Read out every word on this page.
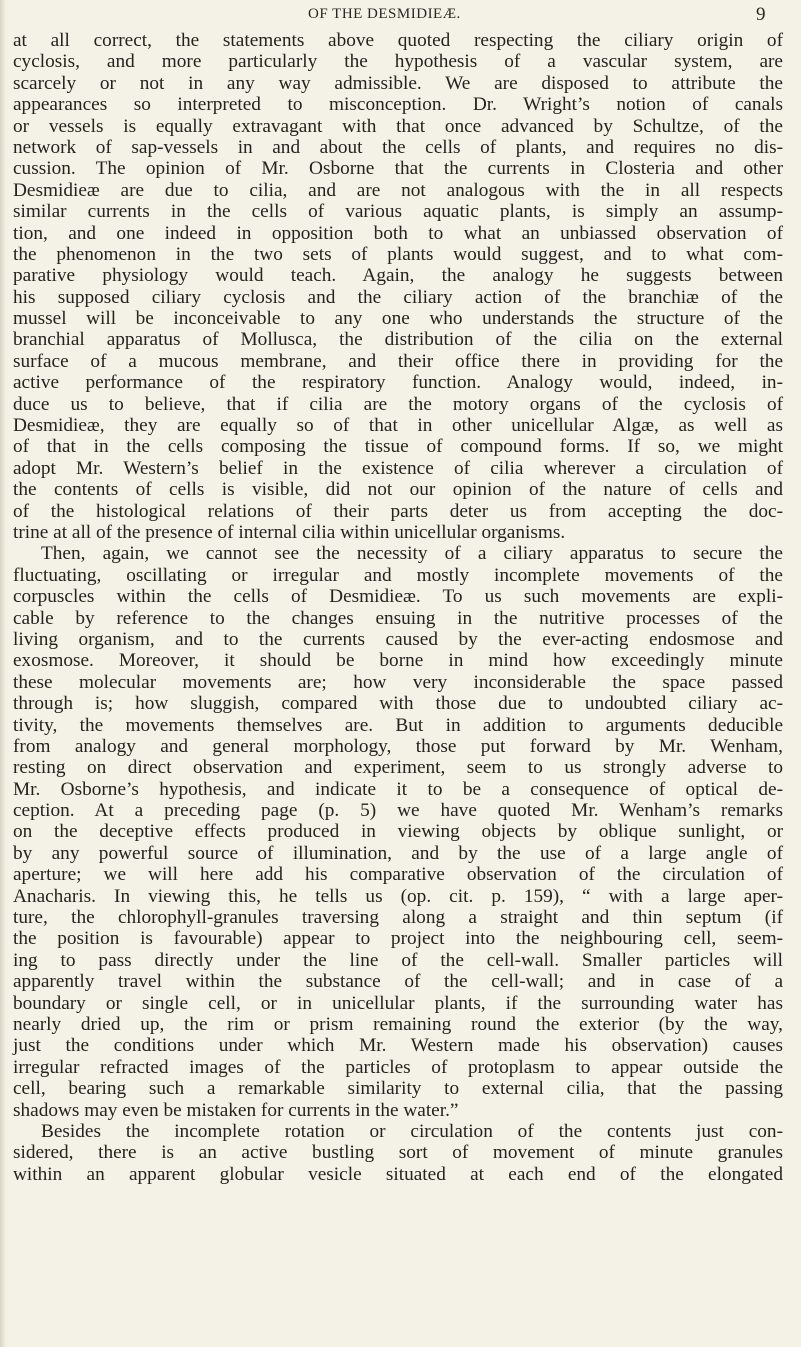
OF THE DESMIDIEÆ.	9
at all correct, the statements above quoted respecting the ciliary origin of
cyclosis, and more particularly the hypothesis of a vascular system, are
scarcely or not in any way admissible. We are disposed to attribute the
appearances so interpreted to misconception. Dr. Wright’s notion of canals
or vessels is equally extravagant with that once advanced by Schultze, of the
network of sap-vessels in and about the cells of plants, and requires no dis-
cussion. The opinion of Mr. Osborne that the currents in Closteria and other
Desmidieæ are due to cilia, and are not analogous with the in all respects
similar currents in the cells of various aquatic plants, is simply an assump-
tion, and one indeed in opposition both to what an unbiassed observation of
the phenomenon in the two sets of plants would suggest, and to what com-
parative physiology would teach. Again, the analogy he suggests between
his supposed ciliary cyclosis and the ciliary action of the branchiæ of the
mussel will be inconceivable to any one who understands the structure of the
branchial apparatus of Mollusca, the distribution of the cilia on the external
surface of a mucous membrane, and their office there in providing for the
active performance of the respiratory function. Analogy would, indeed, in-
duce us to believe, that if cilia are the motory organs of the cyclosis of
Desmidieæ, they are equally so of that in other unicellular Algæ, as well as
of that in the cells composing the tissue of compound forms. If so, we might
adopt Mr. Western’s belief in the existence of cilia wherever a circulation of
the contents of cells is visible, did not our opinion of the nature of cells and
of the histological relations of their parts deter us from accepting the doc-
trine at all of the presence of internal cilia within unicellular organisms.
Then, again, we cannot see the necessity of a ciliary apparatus to secure the
fluctuating, oscillating or irregular and mostly incomplete movements of the
corpuscles within the cells of Desmidieæ. To us such movements are expli-
cable by reference to the changes ensuing in the nutritive processes of the
living organism, and to the currents caused by the ever-acting endosmose and
exosmose. Moreover, it should be borne in mind how exceedingly minute
these molecular movements are; how very inconsiderable the space passed
through is; how sluggish, compared with those due to undoubted ciliary ac-
tivity, the movements themselves are. But in addition to arguments deducible
from analogy and general morphology, those put forward by Mr. Wenham,
resting on direct observation and experiment, seem to us strongly adverse to
Mr. Osborne’s hypothesis, and indicate it to be a consequence of optical de-
ception. At a preceding page (p. 5) we have quoted Mr. Wenham’s remarks
on the deceptive effects produced in viewing objects by oblique sunlight, or
by any powerful source of illumination, and by the use of a large angle of
aperture; we will here add his comparative observation of the circulation of
Anacharis. In viewing this, he tells us (op. cit. p. 159), “ with a large aper-
ture, the chlorophyll-granules traversing along a straight and thin septum (if
the position is favourable) appear to project into the neighbouring cell, seem-
ing to pass directly under the line of the cell-wall. Smaller particles will
apparently travel within the substance of the cell-wall; and in case of a
boundary or single cell, or in unicellular plants, if the surrounding water has
nearly dried up, the rim or prism remaining round the exterior (by the way,
just the conditions under which Mr. Western made his observation) causes
irregular refracted images of the particles of protoplasm to appear outside the
cell, bearing such a remarkable similarity to external cilia, that the passing
shadows may even be mistaken for currents in the water.”
Besides the incomplete rotation or circulation of the contents just con-
sidered, there is an active bustling sort of movement of minute granules
within an apparent globular vesicle situated at each end of the elongated
